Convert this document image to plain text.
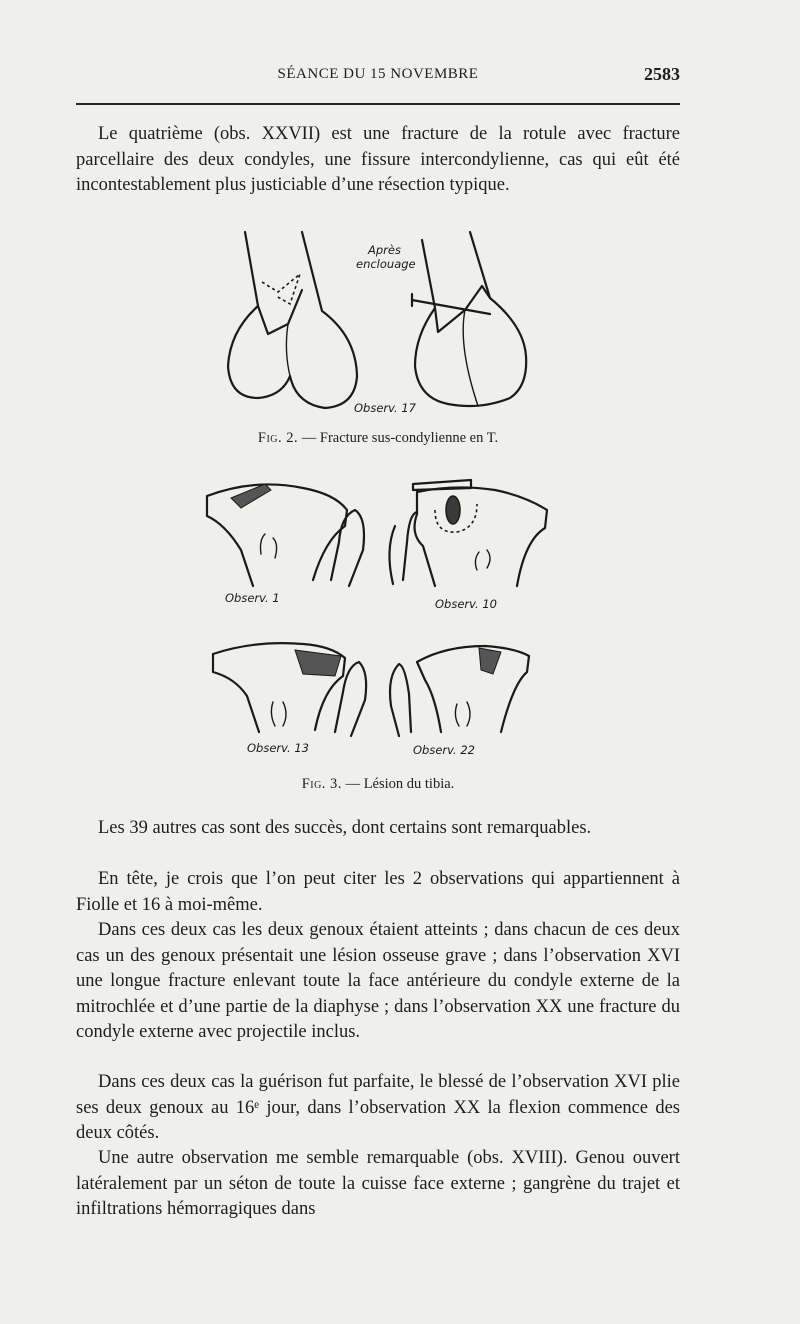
SÉANCE DU 15 NOVEMBRE	2583

Le quatrième (obs. XXVII) est une fracture de la rotule avec fracture parcellaire des deux condyles, une fissure intercondylienne, cas qui eût été incontestablement plus justiciable d’une résection typique.

Après
enclouage
Observ. 17
Fig. 2. — Fracture sus-condylienne en T.
Observ. 1	Observ. 10
Observ. 13	Observ. 22
Fig. 3. — Lésion du tibia.

Les 39 autres cas sont des succès, dont certains sont remarquables.

En tête, je crois que l’on peut citer les 2 observations qui appartiennent à Fiolle et 16 à moi-même.

Dans ces deux cas les deux genoux étaient atteints ; dans chacun de ces deux cas un des genoux présentait une lésion osseuse grave ; dans l’observation XVI une longue fracture enlevant toute la face antérieure du condyle externe de la mitrochlée et d’une partie de la diaphyse ; dans l’observation XX une fracture du condyle externe avec projectile inclus.

Dans ces deux cas la guérison fut parfaite, le blessé de l’observation XVI plie ses deux genoux au 16ᵉ jour, dans l’observation XX la flexion commence des deux côtés.

Une autre observation me semble remarquable (obs. XVIII). Genou ouvert latéralement par un séton de toute la cuisse face externe ; gangrène du trajet et infiltrations hémorragiques dans
